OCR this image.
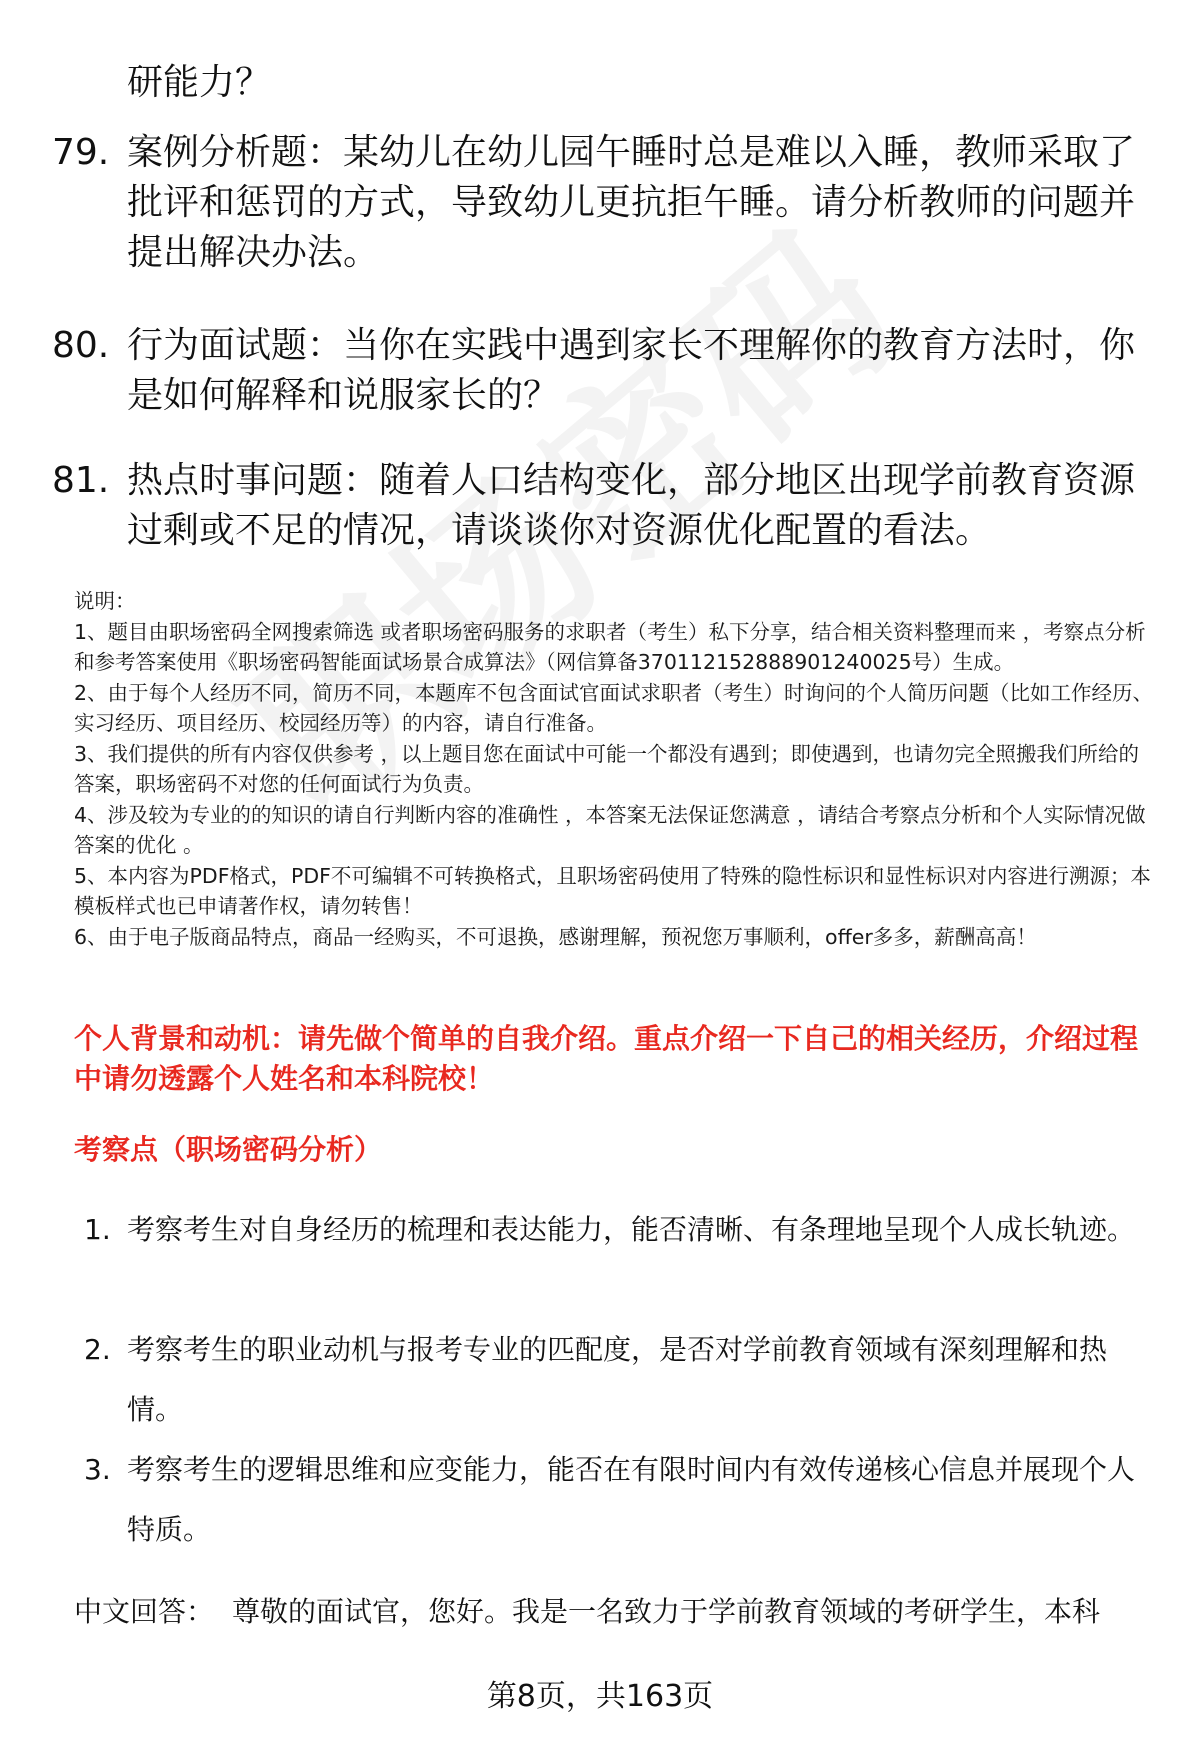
研能力？
79. 案例分析题：某幼儿在幼儿园午睡时总是难以入睡，教师采取了批评和惩罚的方式，导致幼儿更抗拒午睡。请分析教师的问题并提出解决办法。
80. 行为面试题：当你在实践中遇到家长不理解你的教育方法时，你是如何解释和说服家长的？
81. 热点时事问题：随着人口结构变化，部分地区出现学前教育资源过剩或不足的情况，请谈谈你对资源优化配置的看法。

说明：

1、题目由职场密码全网搜索筛选 或者职场密码服务的求职者（考生）私下分享，结合相关资料整理而来 ，考察点分析和参考答案使用《职场密码智能面试场景合成算法》（网信算备370112152888901240025号）生成。

2、由于每个人经历不同，简历不同，本题库不包含面试官面试求职者（考生）时询问的个人简历问题（比如工作经历、实习经历、项目经历、校园经历等）的内容，请自行准备。

3、我们提供的所有内容仅供参考 ，以上题目您在面试中可能一个都没有遇到；即使遇到，也请勿完全照搬我们所给的答案，职场密码不对您的任何面试行为负责。

4、涉及较为专业的的知识的请自行判断内容的准确性 ，本答案无法保证您满意 ，请结合考察点分析和个人实际情况做答案的优化 。

5、本内容为PDF格式，PDF不可编辑不可转换格式，且职场密码使用了特殊的隐性标识和显性标识对内容进行溯源；本模板样式也已申请著作权，请勿转售！

6、由于电子版商品特点，商品一经购买，不可退换，感谢理解，预祝您万事顺利，offer多多，薪酬高高！

个人背景和动机：请先做个简单的自我介绍。重点介绍一下自己的相关经历，介绍过程中请勿透露个人姓名和本科院校！
考察点（职场密码分析）
1. 考察考生对自身经历的梳理和表达能力，能否清晰、有条理地呈现个人成长轨迹。
2. 考察考生的职业动机与报考专业的匹配度，是否对学前教育领域有深刻理解和热情。
3. 考察考生的逻辑思维和应变能力，能否在有限时间内有效传递核心信息并展现个人特质。
中文回答： 尊敬的面试官，您好。我是一名致力于学前教育领域的考研学生，本科
第8页，共163页
